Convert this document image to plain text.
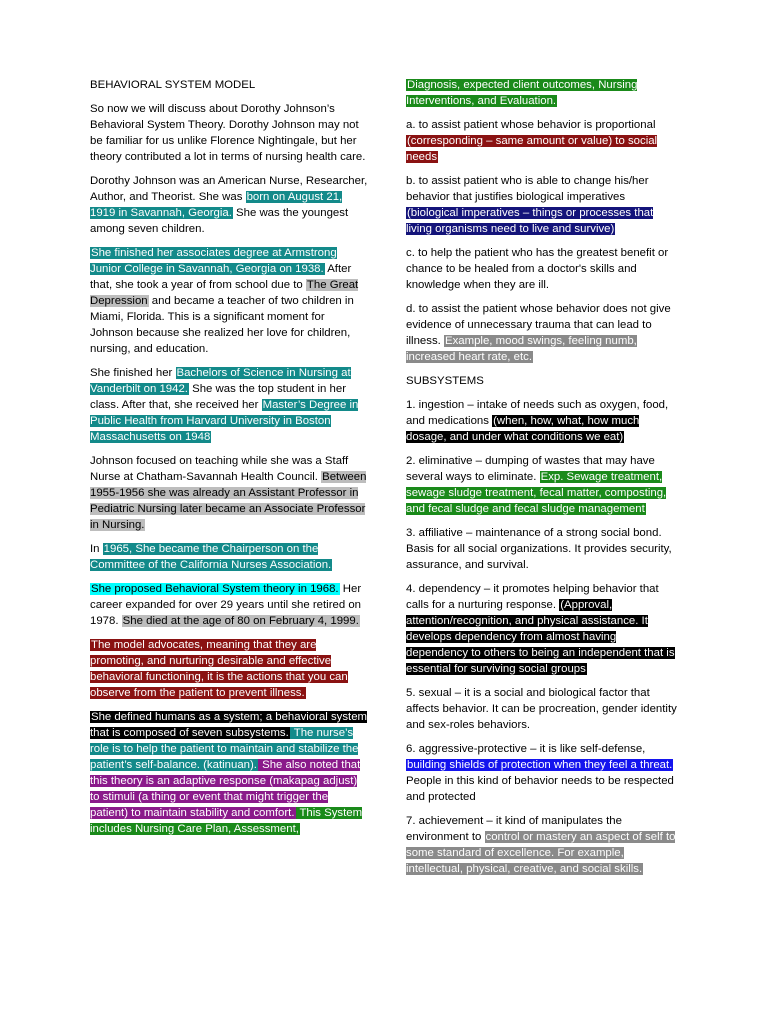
BEHAVIORAL SYSTEM MODEL

So now we will discuss about Dorothy Johnson’s Behavioral System Theory. Dorothy Johnson may not be familiar for us unlike Florence Nightingale, but her theory contributed a lot in terms of nursing health care.

Dorothy Johnson was an American Nurse, Researcher, Author, and Theorist. She was born on August 21, 1919 in Savannah, Georgia. She was the youngest among seven children.

She finished her associates degree at Armstrong Junior College in Savannah, Georgia on 1938. After that, she took a year of from school due to The Great Depression and became a teacher of two children in Miami, Florida. This is a significant moment for Johnson because she realized her love for children, nursing, and education.

She finished her Bachelors of Science in Nursing at Vanderbilt on 1942. She was the top student in her class. After that, she received her Master’s Degree in Public Health from Harvard University in Boston Massachusetts on 1948

Johnson focused on teaching while she was a Staff Nurse at Chatham-Savannah Health Council. Between 1955-1956 she was already an Assistant Professor in Pediatric Nursing later became an Associate Professor in Nursing.

In 1965, She became the Chairperson on the Committee of the California Nurses Association.

She proposed Behavioral System theory in 1968. Her career expanded for over 29 years until she retired on 1978. She died at the age of 80 on February 4, 1999.

The model advocates, meaning that they are promoting, and nurturing desirable and effective behavioral functioning, it is the actions that you can observe from the patient to prevent illness.

She defined humans as a system; a behavioral system that is composed of seven subsystems. The nurse’s role is to help the patient to maintain and stabilize the patient’s self-balance. (katinuan). She also noted that this theory is an adaptive response (makapag adjust) to stimuli (a thing or event that might trigger the patient) to maintain stability and comfort. This System includes Nursing Care Plan, Assessment,

Diagnosis, expected client outcomes, Nursing Interventions, and Evaluation.

a. to assist patient whose behavior is proportional (corresponding – same amount or value) to social needs

b. to assist patient who is able to change his/her behavior that justifies biological imperatives (biological imperatives – things or processes that living organisms need to live and survive)

c. to help the patient who has the greatest benefit or chance to be healed from a doctor's skills and knowledge when they are ill.

d. to assist the patient whose behavior does not give evidence of unnecessary trauma that can lead to illness. Example, mood swings, feeling numb, increased heart rate, etc.

SUBSYSTEMS

1. ingestion – intake of needs such as oxygen, food, and medications (when, how, what, how much dosage, and under what conditions we eat)

2. eliminative – dumping of wastes that may have several ways to eliminate. Exp. Sewage treatment, sewage sludge treatment, fecal matter, composting, and fecal sludge and fecal sludge management

3. affiliative – maintenance of a strong social bond. Basis for all social organizations. It provides security, assurance, and survival.

4. dependency – it promotes helping behavior that calls for a nurturing response. (Approval, attention/recognition, and physical assistance. It develops dependency from almost having dependency to others to being an independent that is essential for surviving social groups

5. sexual – it is a social and biological factor that affects behavior. It can be procreation, gender identity and sex-roles behaviors.

6. aggressive-protective – it is like self-defense, building shields of protection when they feel a threat. People in this kind of behavior needs to be respected and protected

7. achievement – it kind of manipulates the environment to control or mastery an aspect of self to some standard of excellence. For example, intellectual, physical, creative, and social skills.
